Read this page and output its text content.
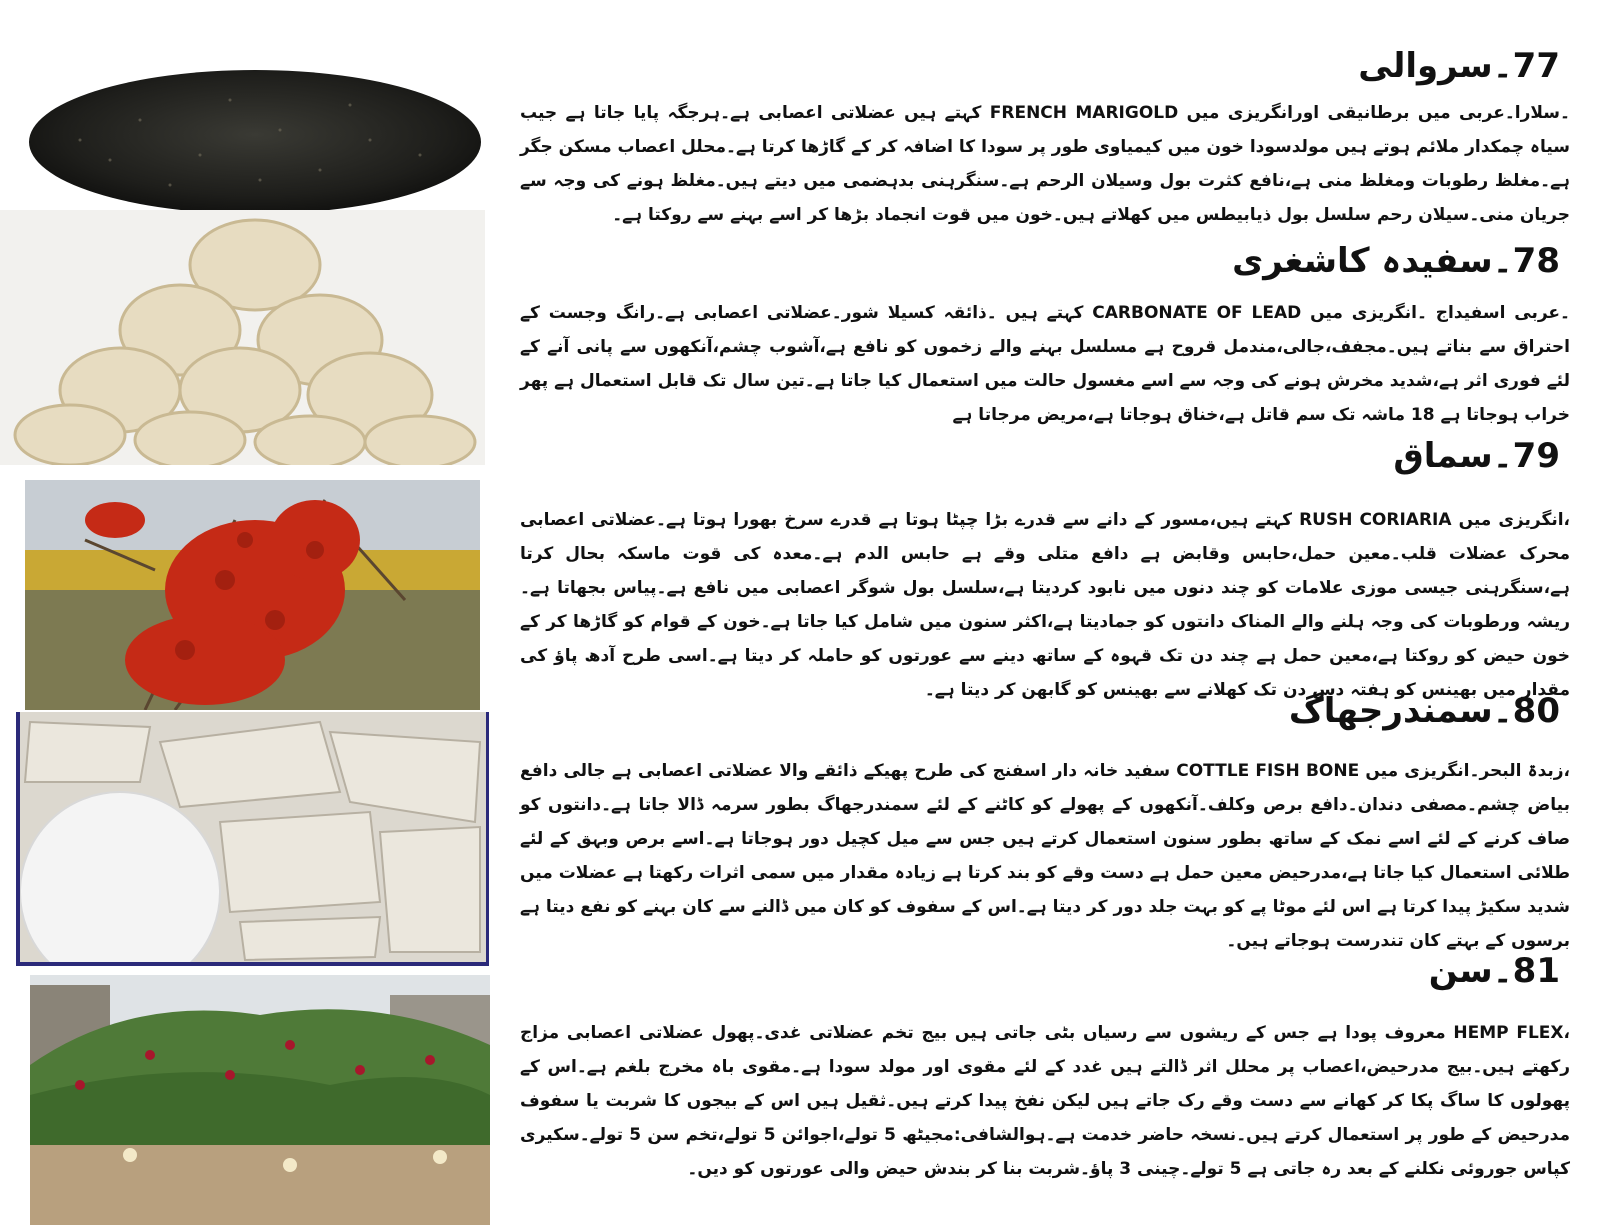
77۔سروالی

۔سلارا۔عربی میں برطانیقی اورانگریزی میں FRENCH MARIGOLD کہتے ہیں عضلاتی اعصابی ہے۔ہرجگہ پایا جاتا ہے جیب سیاہ چمکدار ملائم ہوتے ہیں مولدسودا خون میں کیمیاوی طور پر سودا کا اضافہ کر کے گاڑھا کرتا ہے۔محلل اعصاب مسکن جگر ہے۔مغلظ رطوبات ومغلظ منی ہے،نافع کثرت بول وسیلان الرحم ہے۔سنگرہنی بدہضمی میں دیتے ہیں۔مغلظ ہونے کی وجہ سے جریان منی۔سیلان رحم سلسل بول ذیابیطس میں کھلاتے ہیں۔خون میں قوت انجماد بڑھا کر اسے بہنے سے روکتا ہے۔

78۔سفیدہ کاشغری

۔عربی اسفیداج ۔انگریزی میں CARBONATE OF LEAD کہتے ہیں ۔ذائقہ کسیلا شور۔عضلاتی اعصابی ہے۔رانگ وجست کے احتراق سے بناتے ہیں۔مجفف،جالی،مندمل قروح ہے مسلسل بہنے والے زخموں کو نافع ہے،آشوب چشم،آنکھوں سے پانی آنے کے لئے فوری اثر ہے،شدید مخرش ہونے کی وجہ سے اسے مغسول حالت میں استعمال کیا جاتا ہے۔تین سال تک قابل استعمال ہے پھر خراب ہوجاتا ہے 18 ماشہ تک سم قاتل ہے،خناق ہوجاتا ہے،مریض مرجاتا ہے

79۔سماق

،انگریزی میں RUSH CORIARIA کہتے ہیں،مسور کے دانے سے قدرے بڑا چپٹا ہوتا ہے قدرے سرخ بھورا ہوتا ہے۔عضلاتی اعصابی محرک عضلات قلب۔معین حمل،حابس وقابض ہے دافع متلی وقے ہے حابس الدم ہے۔معدہ کی قوت ماسکہ بحال کرتا ہے،سنگرہنی جیسی موزی علامات کو چند دنوں میں نابود کردیتا ہے،سلسل بول شوگر اعصابی میں نافع ہے۔پیاس بجھاتا ہے۔ریشہ ورطوبات کی وجہ ہلنے والے المناک دانتوں کو جمادیتا ہے،اکثر سنون میں شامل کیا جاتا ہے۔خون کے قوام کو گاڑھا کر کے خون حیض کو روکتا ہے،معین حمل ہے چند دن تک قہوہ کے ساتھ دینے سے عورتوں کو حاملہ کر دیتا ہے۔اسی طرح آدھ پاؤ کی مقدار میں بھینس کو ہفتہ دس دن تک کھلانے سے بھینس کو گابھن کر دیتا ہے۔

80۔سمندرجھاگ

،زبدۃ البحر۔انگریزی میں COTTLE FISH BONE سفید خانہ دار اسفنج کی طرح پھیکے ذائقے والا عضلاتی اعصابی ہے جالی دافع بیاض چشم۔مصفی دندان۔دافع برص وکلف۔آنکھوں کے پھولے کو کاٹنے کے لئے سمندرجھاگ بطور سرمہ ڈالا جاتا ہے۔دانتوں کو صاف کرنے کے لئے اسے نمک کے ساتھ بطور سنون استعمال کرتے ہیں جس سے میل کچیل دور ہوجاتا ہے۔اسے برص وبہق کے لئے طلائی استعمال کیا جاتا ہے،مدرحیض معین حمل ہے دست وقے کو بند کرتا ہے زیادہ مقدار میں سمی اثرات رکھتا ہے عضلات میں شدید سکیڑ پیدا کرتا ہے اس لئے موٹا پے کو بہت جلد دور کر دیتا ہے۔اس کے سفوف کو کان میں ڈالنے سے کان بہنے کو نفع دیتا ہے برسوں کے بہتے کان تندرست ہوجاتے ہیں۔

81۔سن

،HEMP FLEX معروف پودا ہے جس کے ریشوں سے رسیاں بٹی جاتی ہیں بیج تخم عضلاتی غدی۔پھول عضلاتی اعصابی مزاج رکھتے ہیں۔بیج مدرحیض،اعصاب پر محلل اثر ڈالتے ہیں غدد کے لئے مقوی اور مولد سودا ہے۔مقوی باہ مخرج بلغم ہے۔اس کے پھولوں کا ساگ پکا کر کھانے سے دست وقے رک جاتے ہیں لیکن نفخ پیدا کرتے ہیں۔ثقیل ہیں اس کے بیجوں کا شربت یا سفوف مدرحیض کے طور پر استعمال کرتے ہیں۔نسخہ حاضر خدمت ہے۔ہوالشافی:مجیٹھ 5 تولے،اجوائن 5 تولے،تخم سن 5 تولے۔سکیری کپاس جوروئی نکلنے کے بعد رہ جاتی ہے 5 تولے۔چینی 3 پاؤ۔شربت بنا کر بندش حیض والی عورتوں کو دیں۔
